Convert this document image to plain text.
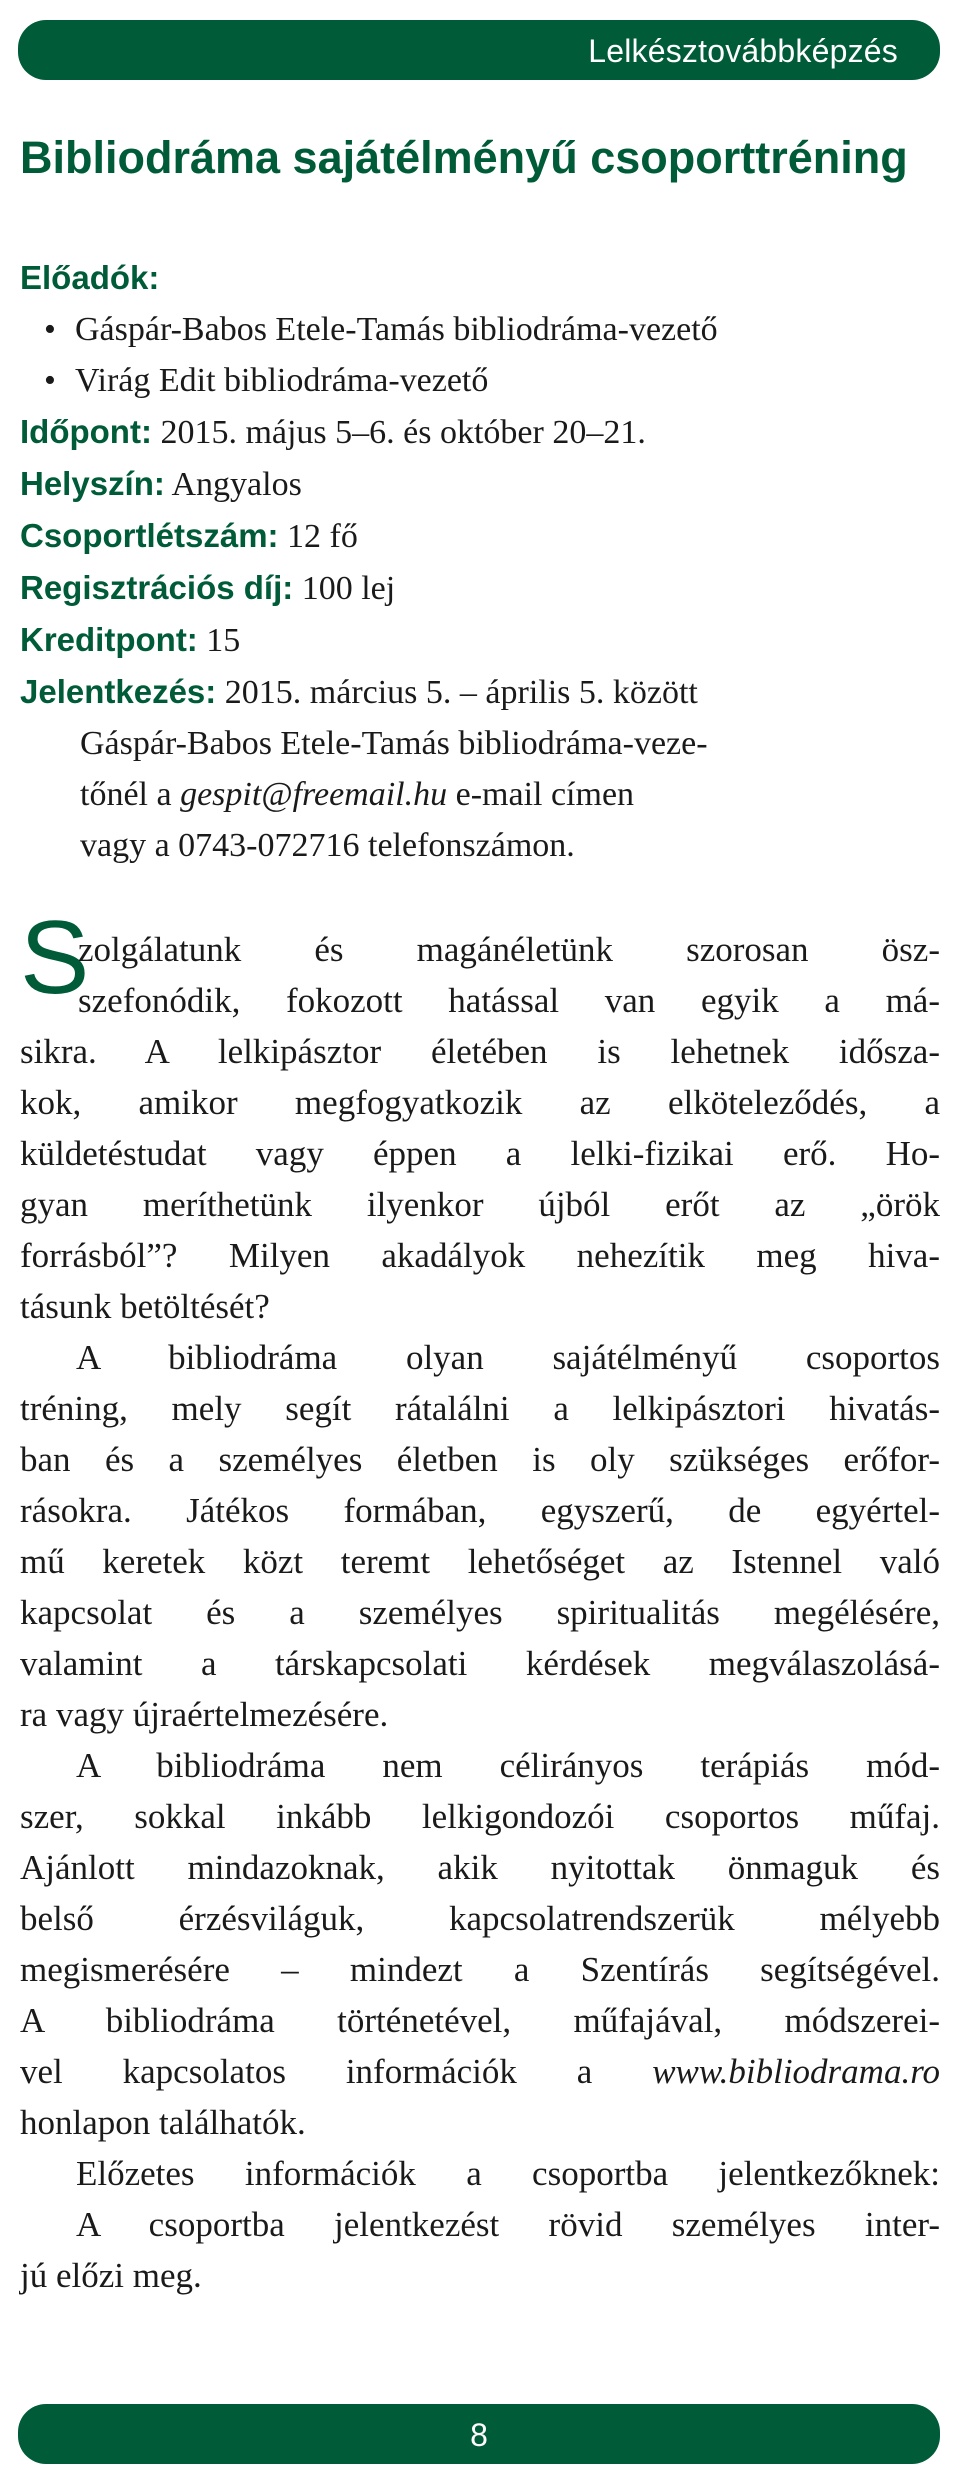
Lelkésztovábbképzés
Bibliodráma sajátélményű csoporttréning
Előadók:
• Gáspár-Babos Etele-Tamás bibliodráma-vezető
• Virág Edit bibliodráma-vezető
Időpont: 2015. május 5–6. és október 20–21.
Helyszín: Angyalos
Csoportlétszám: 12 fő
Regisztrációs díj: 100 lej
Kreditpont: 15
Jelentkezés: 2015. március 5. – április 5. között
Gáspár-Babos Etele-Tamás bibliodráma-veze-
tőnél a gespit@freemail.hu e-mail címen
vagy a 0743-072716 telefonszámon.
S
zolgálatunk és magánéletünk szorosan ösz-
szefonódik, fokozott hatással van egyik a má-
sikra. A lelkipásztor életében is lehetnek idősza-
kok, amikor megfogyatkozik az elköteleződés, a
küldetéstudat vagy éppen a lelki-fizikai erő. Ho-
gyan meríthetünk ilyenkor újból erőt az „örök
forrásból”? Milyen akadályok nehezítik meg hiva-
tásunk betöltését?
A bibliodráma olyan sajátélményű csoportos
tréning, mely segít rátalálni a lelkipásztori hivatás-
ban és a személyes életben is oly szükséges erőfor-
rásokra. Játékos formában, egyszerű, de egyértel-
mű keretek közt teremt lehetőséget az Istennel való
kapcsolat és a személyes spiritualitás megélésére,
valamint a társkapcsolati kérdések megválaszolásá-
ra vagy újraértelmezésére.
A bibliodráma nem célirányos terápiás mód-
szer, sokkal inkább lelkigondozói csoportos műfaj.
Ajánlott mindazoknak, akik nyitottak önmaguk és
belső érzésviláguk, kapcsolatrendszerük mélyebb
megismerésére – mindezt a Szentírás segítségével.
A bibliodráma történetével, műfajával, módszerei-
vel kapcsolatos információk a www.bibliodrama.ro
honlapon találhatók.
Előzetes információk a csoportba jelentkezőknek:
A csoportba jelentkezést rövid személyes inter-
jú előzi meg.
8
